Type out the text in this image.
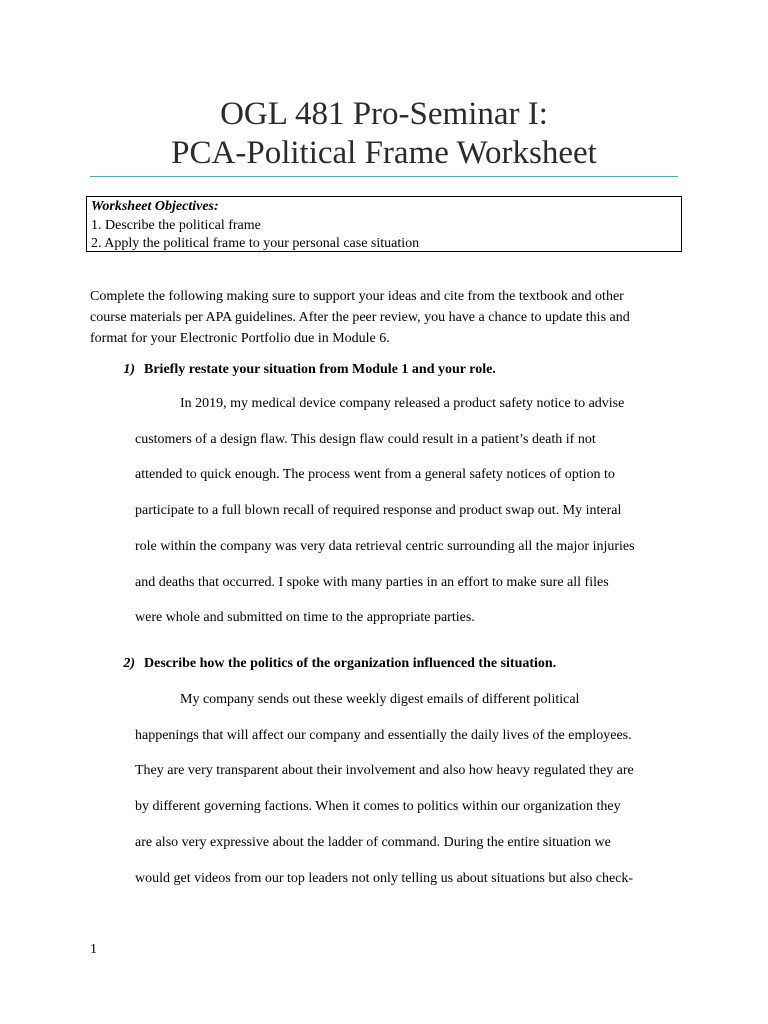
OGL 481 Pro-Seminar I:
PCA-Political Frame Worksheet
Worksheet Objectives:
1. Describe the political frame
2. Apply the political frame to your personal case situation
Complete the following making sure to support your ideas and cite from the textbook and other
course materials per APA guidelines. After the peer review, you have a chance to update this and
format for your Electronic Portfolio due in Module 6.
1) Briefly restate your situation from Module 1 and your role.
In 2019, my medical device company released a product safety notice to advise
customers of a design flaw. This design flaw could result in a patient’s death if not
attended to quick enough. The process went from a general safety notices of option to
participate to a full blown recall of required response and product swap out. My interal
role within the company was very data retrieval centric surrounding all the major injuries
and deaths that occurred. I spoke with many parties in an effort to make sure all files
were whole and submitted on time to the appropriate parties.
2) Describe how the politics of the organization influenced the situation.
My company sends out these weekly digest emails of different political
happenings that will affect our company and essentially the daily lives of the employees.
They are very transparent about their involvement and also how heavy regulated they are
by different governing factions. When it comes to politics within our organization they
are also very expressive about the ladder of command. During the entire situation we
would get videos from our top leaders not only telling us about situations but also check-
1
